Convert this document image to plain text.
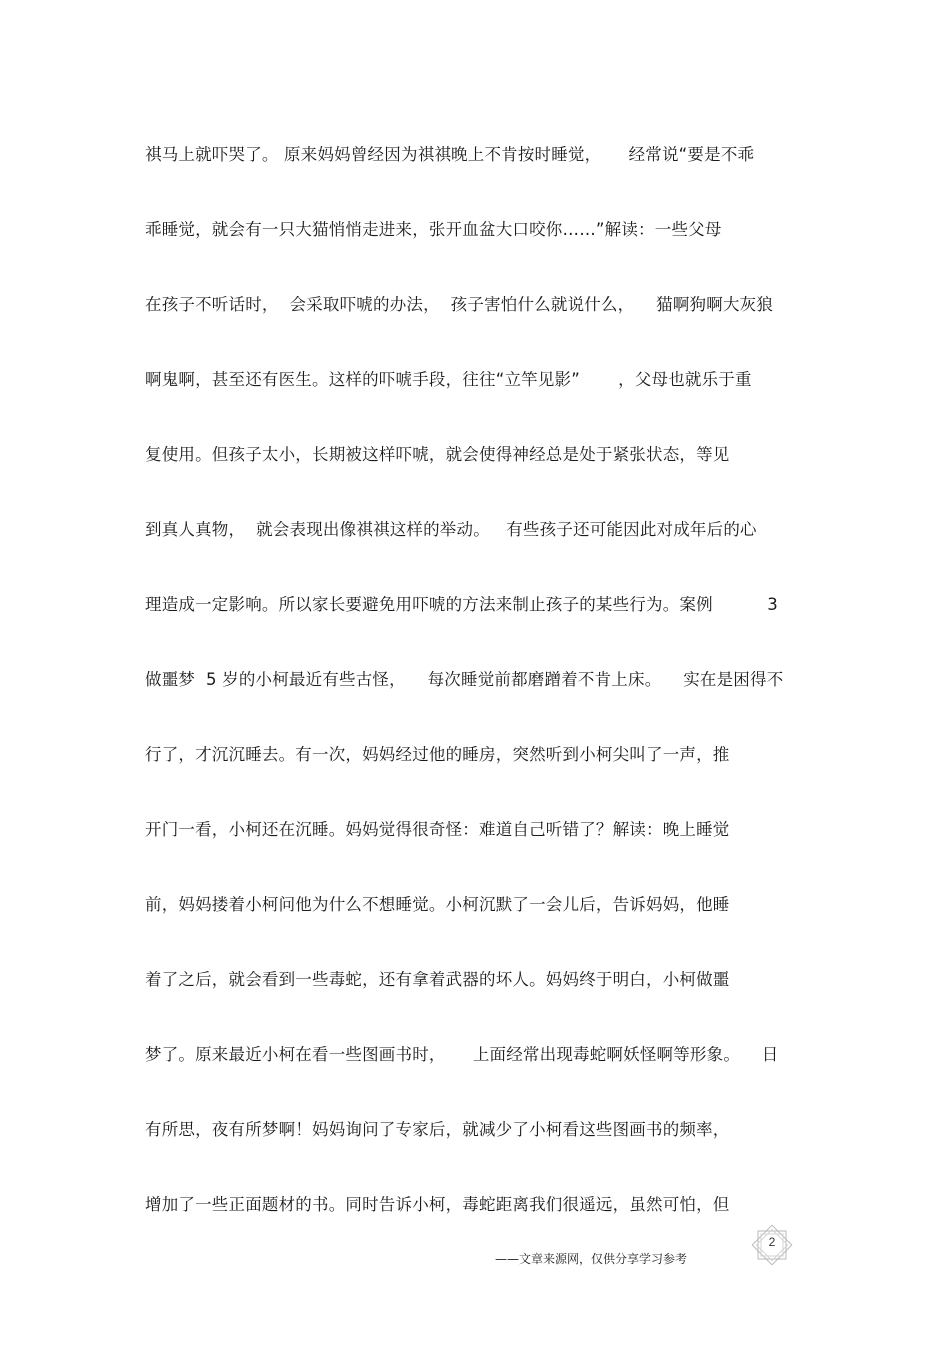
祺马上就吓哭了。 原来妈妈曾经因为祺祺晚上不肯按时睡觉，     经常说“要是不乖
乖睡觉，就会有一只大猫悄悄走进来，张开血盆大口咬你……”解读：一些父母
在孩子不听话时，  会采取吓唬的办法，  孩子害怕什么就说什么，    猫啊狗啊大灰狼
啊鬼啊，甚至还有医生。这样的吓唬手段，往往“立竿见影”       ，父母也就乐于重
复使用。但孩子太小，长期被这样吓唬，就会使得神经总是处于紧张状态，等见
到真人真物，  就会表现出像祺祺这样的举动。   有些孩子还可能因此对成年后的心
理造成一定影响。所以家长要避免用吓唬的方法来制止孩子的某些行为。案例          3
做噩梦  5 岁的小柯最近有些古怪，    每次睡觉前都磨蹭着不肯上床。    实在是困得不
行了，才沉沉睡去。有一次，妈妈经过他的睡房，突然听到小柯尖叫了一声，推
开门一看，小柯还在沉睡。妈妈觉得很奇怪：难道自己听错了？解读：晚上睡觉
前，妈妈搂着小柯问他为什么不想睡觉。小柯沉默了一会儿后，告诉妈妈，他睡
着了之后，就会看到一些毒蛇，还有拿着武器的坏人。妈妈终于明白，小柯做噩
梦了。原来最近小柯在看一些图画书时，     上面经常出现毒蛇啊妖怪啊等形象。    日
有所思，夜有所梦啊！妈妈询问了专家后，就减少了小柯看这些图画书的频率，
增加了一些正面题材的书。同时告诉小柯，毒蛇距离我们很遥远，虽然可怕，但
——文章来源网，仅供分享学习参考
2
